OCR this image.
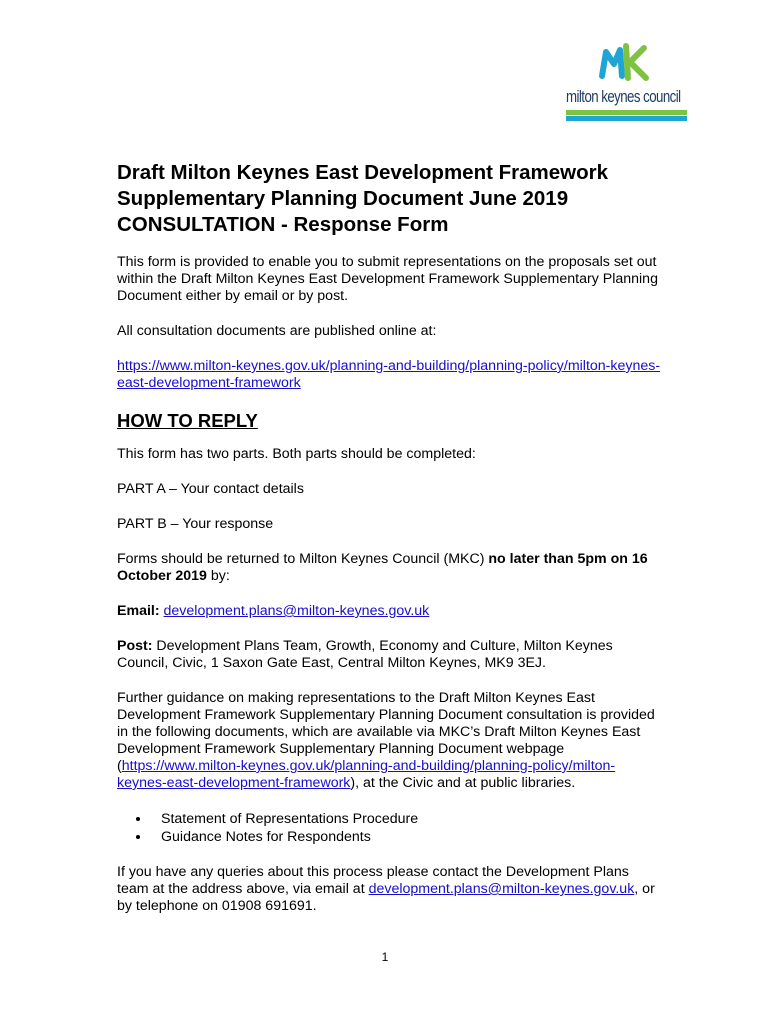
milton keynes council
Draft Milton Keynes East Development Framework Supplementary Planning Document June 2019 CONSULTATION - Response Form

This form is provided to enable you to submit representations on the proposals set out within the Draft Milton Keynes East Development Framework Supplementary Planning Document either by email or by post.

All consultation documents are published online at:

https://www.milton-keynes.gov.uk/planning-and-building/planning-policy/milton-keynes-east-development-framework

HOW TO REPLY

This form has two parts. Both parts should be completed:

PART A – Your contact details

PART B – Your response

Forms should be returned to Milton Keynes Council (MKC) no later than 5pm on 16 October 2019 by:

Email: development.plans@milton-keynes.gov.uk

Post: Development Plans Team, Growth, Economy and Culture, Milton Keynes Council, Civic, 1 Saxon Gate East, Central Milton Keynes, MK9 3EJ.

Further guidance on making representations to the Draft Milton Keynes East Development Framework Supplementary Planning Document consultation is provided in the following documents, which are available via MKC’s Draft Milton Keynes East Development Framework Supplementary Planning Document webpage (https://www.milton-keynes.gov.uk/planning-and-building/planning-policy/milton-keynes-east-development-framework), at the Civic and at public libraries.

• Statement of Representations Procedure
• Guidance Notes for Respondents

If you have any queries about this process please contact the Development Plans team at the address above, via email at development.plans@milton-keynes.gov.uk, or by telephone on 01908 691691.

1
